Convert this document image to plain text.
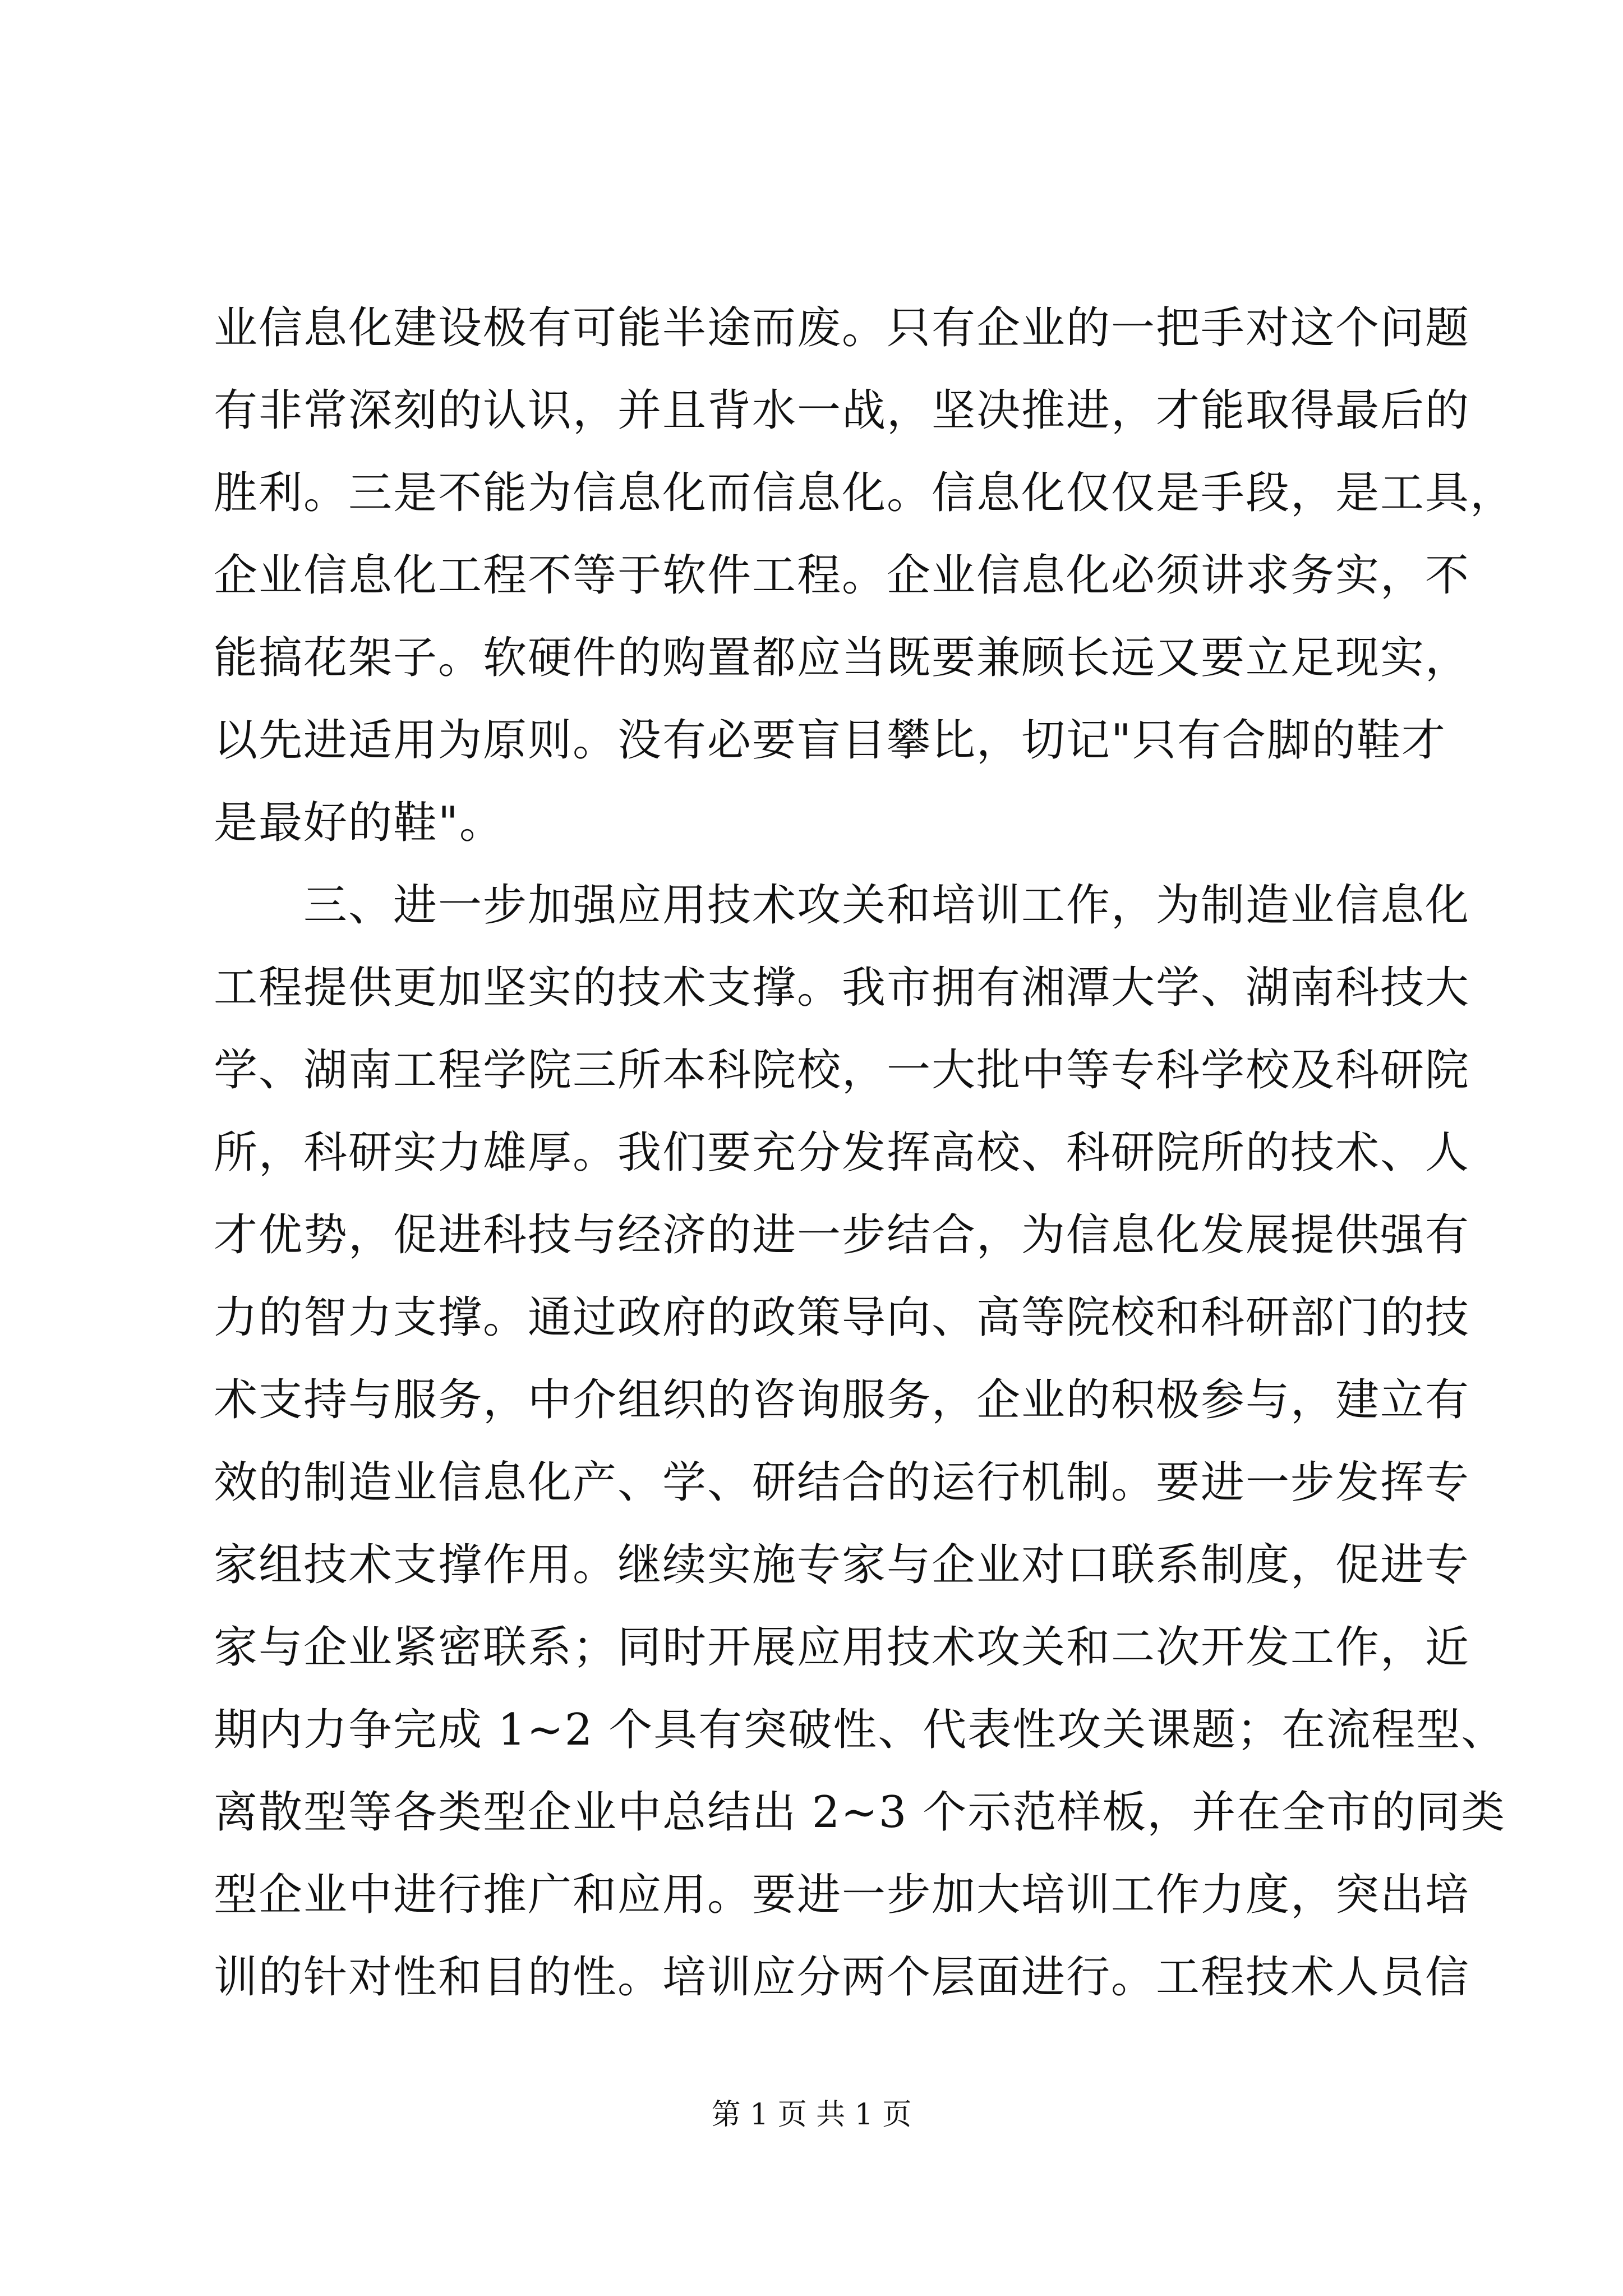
业信息化建设极有可能半途而废。只有企业的一把手对这个问题
有非常深刻的认识，并且背水一战，坚决推进，才能取得最后的
胜利。三是不能为信息化而信息化。信息化仅仅是手段，是工具，
企业信息化工程不等于软件工程。企业信息化必须讲求务实，不
能搞花架子。软硬件的购置都应当既要兼顾长远又要立足现实，
以先进适用为原则。没有必要盲目攀比，切记"只有合脚的鞋才
是最好的鞋"。
三、进一步加强应用技术攻关和培训工作，为制造业信息化
工程提供更加坚实的技术支撑。我市拥有湘潭大学、湖南科技大
学、湖南工程学院三所本科院校，一大批中等专科学校及科研院
所，科研实力雄厚。我们要充分发挥高校、科研院所的技术、人
才优势，促进科技与经济的进一步结合，为信息化发展提供强有
力的智力支撑。通过政府的政策导向、高等院校和科研部门的技
术支持与服务，中介组织的咨询服务，企业的积极参与，建立有
效的制造业信息化产、学、研结合的运行机制。要进一步发挥专
家组技术支撑作用。继续实施专家与企业对口联系制度，促进专
家与企业紧密联系；同时开展应用技术攻关和二次开发工作，近
期内力争完成 1~2 个具有突破性、代表性攻关课题；在流程型、
离散型等各类型企业中总结出 2~3 个示范样板，并在全市的同类
型企业中进行推广和应用。要进一步加大培训工作力度，突出培
训的针对性和目的性。培训应分两个层面进行。工程技术人员信
第 1 页 共 1 页
